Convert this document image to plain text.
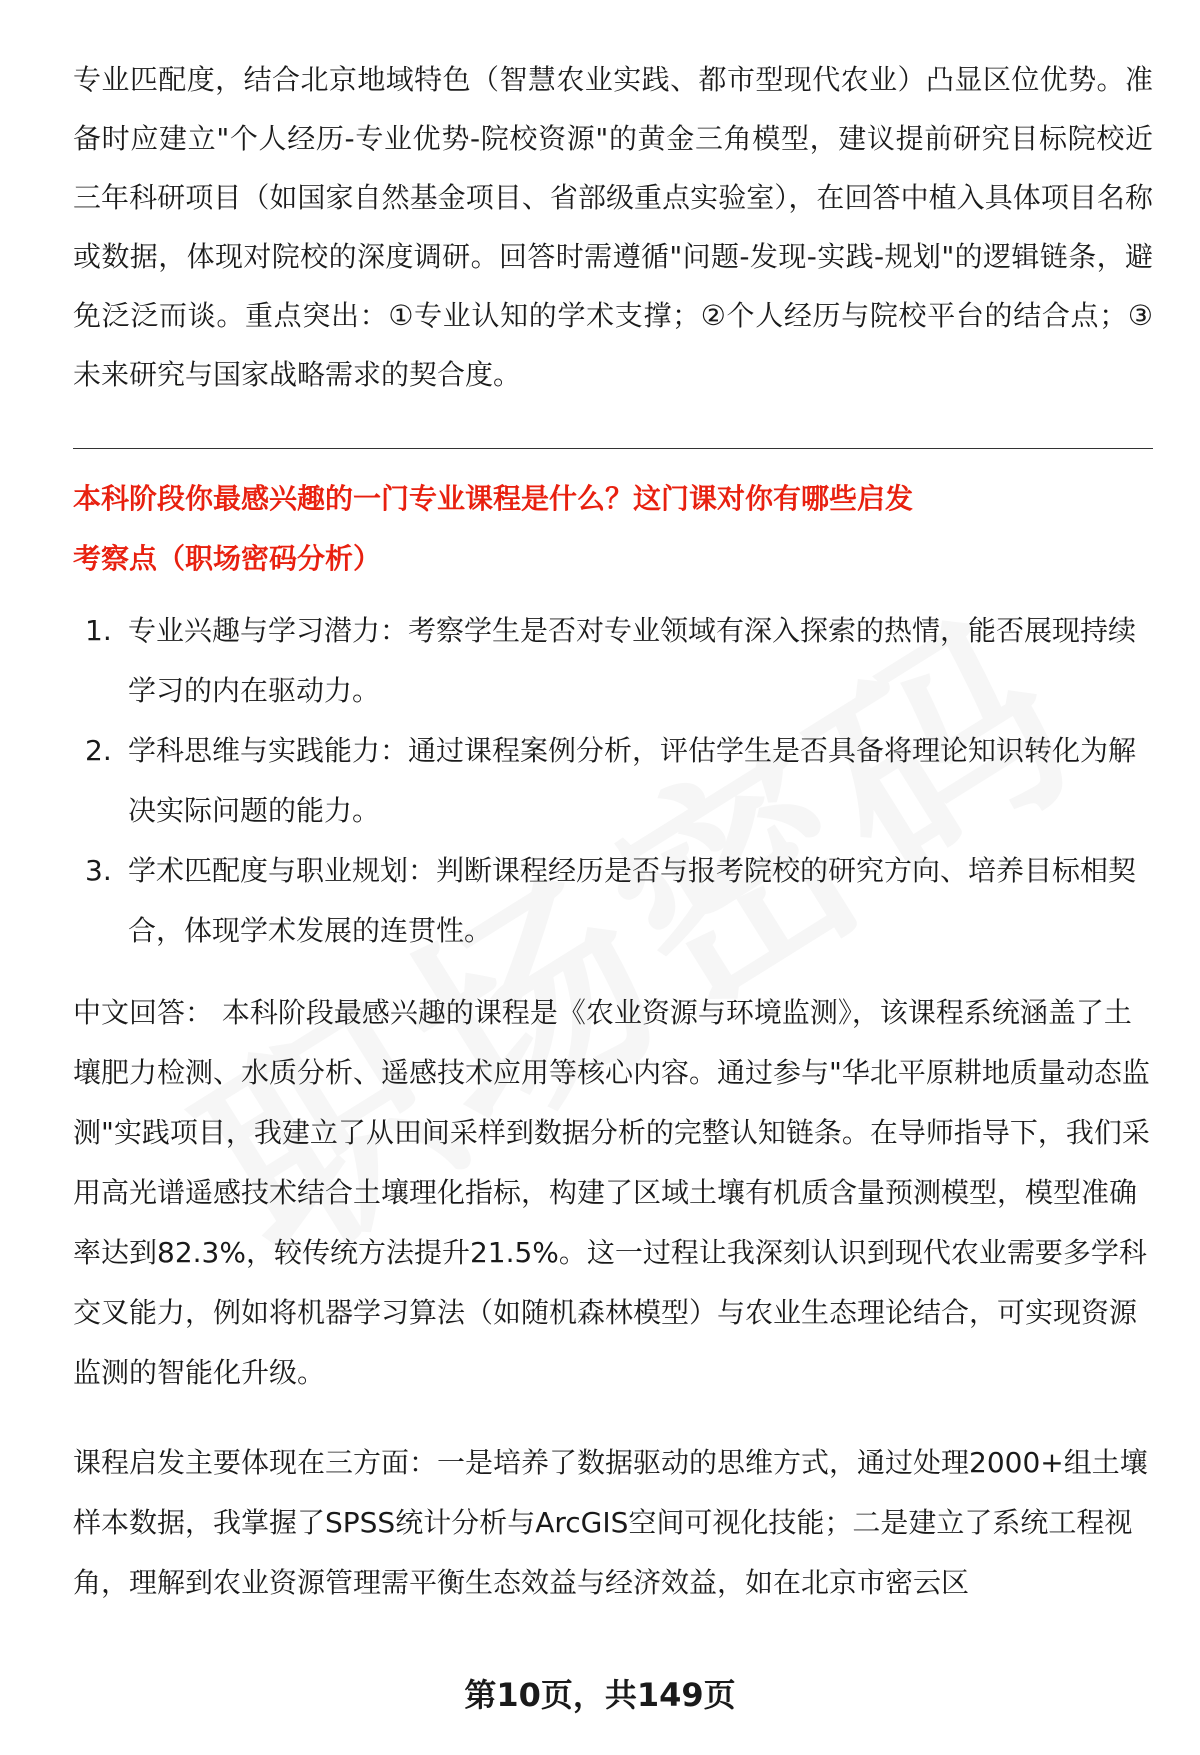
专业匹配度，结合北京地域特色（智慧农业实践、都市型现代农业）凸显区位优势。准备时应建立"个人经历-专业优势-院校资源"的黄金三角模型，建议提前研究目标院校近三年科研项目（如国家自然基金项目、省部级重点实验室），在回答中植入具体项目名称或数据，体现对院校的深度调研。回答时需遵循"问题-发现-实践-规划"的逻辑链条，避免泛泛而谈。重点突出：①专业认知的学术支撑；②个人经历与院校平台的结合点；③未来研究与国家战略需求的契合度。

本科阶段你最感兴趣的一门专业课程是什么？这门课对你有哪些启发

考察点（职场密码分析）

1. 专业兴趣与学习潜力：考察学生是否对专业领域有深入探索的热情，能否展现持续学习的内在驱动力。
2. 学科思维与实践能力：通过课程案例分析，评估学生是否具备将理论知识转化为解决实际问题的能力。
3. 学术匹配度与职业规划：判断课程经历是否与报考院校的研究方向、培养目标相契合，体现学术发展的连贯性。

中文回答： 本科阶段最感兴趣的课程是《农业资源与环境监测》，该课程系统涵盖了土壤肥力检测、水质分析、遥感技术应用等核心内容。通过参与"华北平原耕地质量动态监测"实践项目，我建立了从田间采样到数据分析的完整认知链条。在导师指导下，我们采用高光谱遥感技术结合土壤理化指标，构建了区域土壤有机质含量预测模型，模型准确率达到82.3%，较传统方法提升21.5%。这一过程让我深刻认识到现代农业需要多学科交叉能力，例如将机器学习算法（如随机森林模型）与农业生态理论结合，可实现资源监测的智能化升级。

课程启发主要体现在三方面：一是培养了数据驱动的思维方式，通过处理2000+组土壤样本数据，我掌握了SPSS统计分析与ArcGIS空间可视化技能；二是建立了系统工程视角，理解到农业资源管理需平衡生态效益与经济效益，如在北京市密云区

第10页，共149页
